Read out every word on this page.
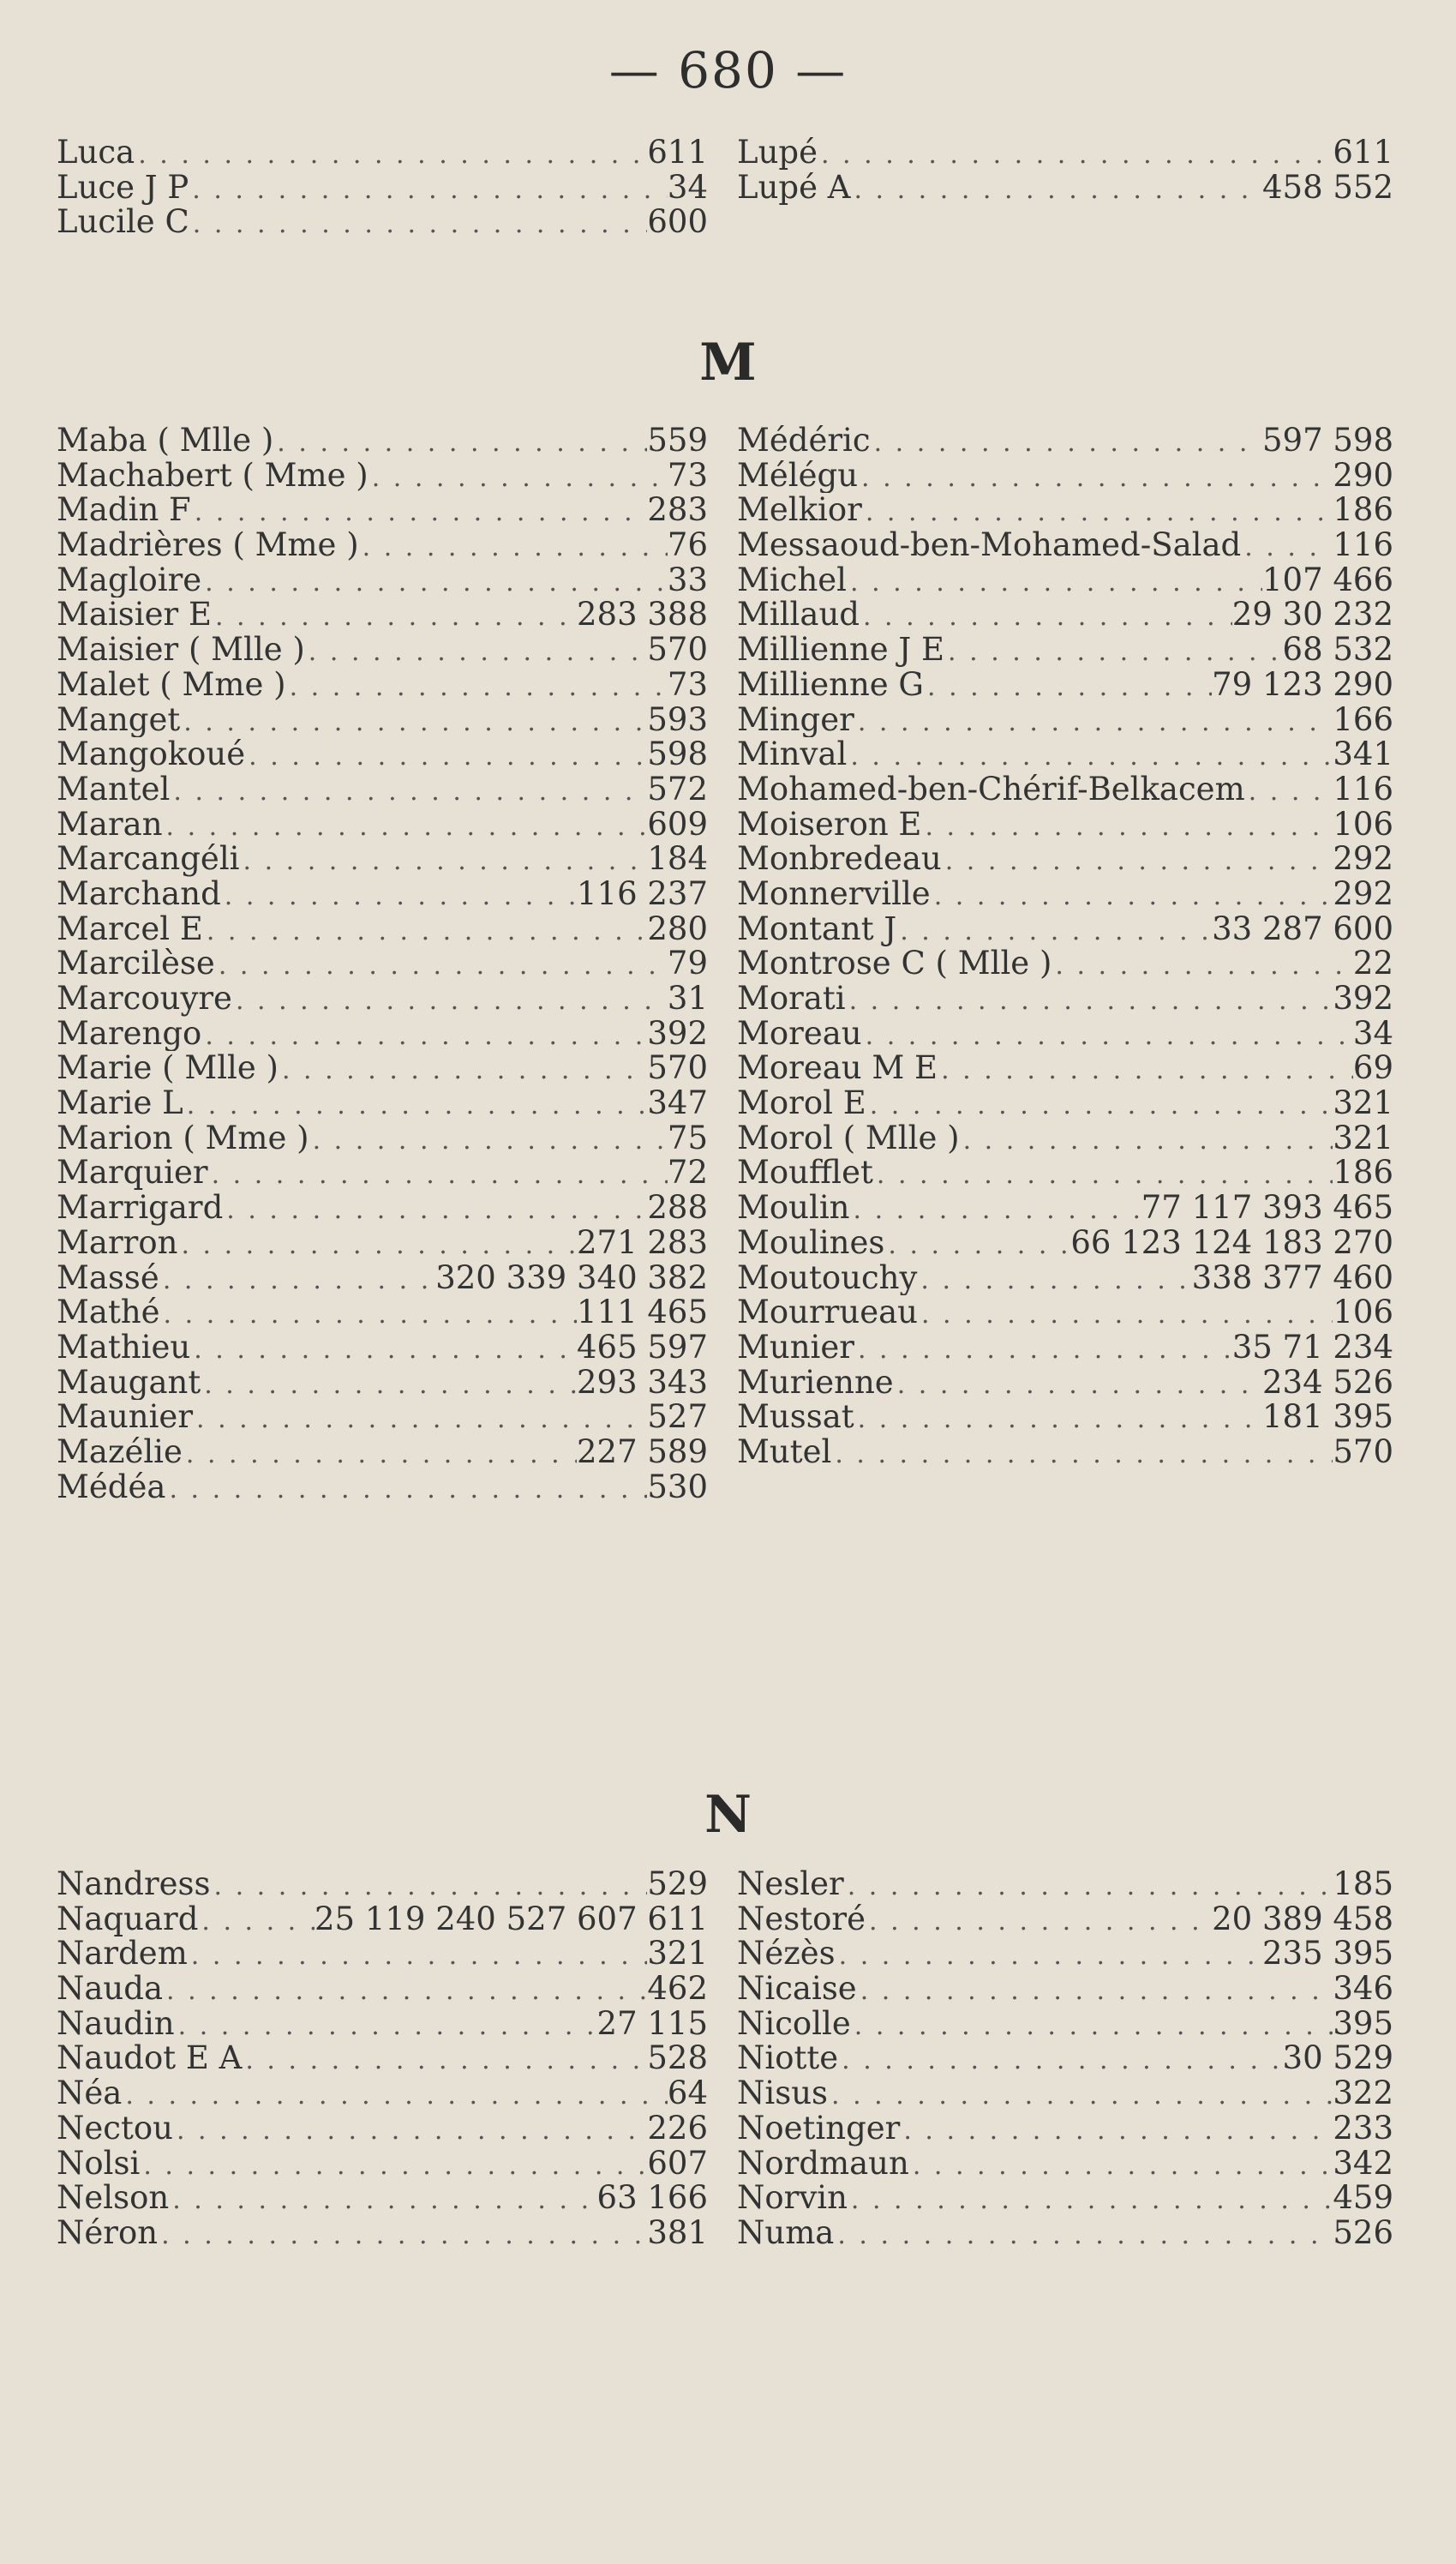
— 680 —
Luca . . .	611
Luce J P . . .	34
Lucile C . . .	600
Lupé . . .	611
Lupé A . . .	458 552
M
Maba ( Mlle ) . . .	559
Machabert ( Mme ) . . .	73
Madin F . . .	283
Madrières ( Mme ) . . .	76
Magloire . . .	33
Maisier E . . .	283 388
Maisier ( Mlle ) . . .	570
Malet ( Mme ) . . .	73
Manget . . .	593
Mangokoué . . .	598
Mantel . . .	572
Maran . . .	609
Marcangéli . . .	184
Marchand . . .	116 237
Marcel E . . .	280
Marcilèse . . .	79
Marcouyre . . .	31
Marengo . . .	392
Marie ( Mlle ) . . .	570
Marie L . . .	347
Marion ( Mme ) . . .	75
Marquier . . .	72
Marrigard . . .	288
Marron . . .	271 283
Massé . . .	320 339 340 382
Mathé . . .	111 465
Mathieu . . .	465 597
Maugant . . .	293 343
Maunier . . .	527
Mazélie . . .	227 589
Médéa . . .	530
Médéric . . .	597 598
Mélégu . . .	290
Melkior . . .	186
Messaoud-ben-Mohamed-Salad . . .	116
Michel . . .	107 466
Millaud . . .	29 30 232
Millienne J E . . .	68 532
Millienne G . . .	79 123 290
Minger . . .	166
Minval . . .	341
Mohamed-ben-Chérif-Belkacem . . .	116
Moiseron E . . .	106
Monbredeau . . .	292
Monnerville . . .	292
Montant J . . .	33 287 600
Montrose C ( Mlle ) . . .	22
Morati . . .	392
Moreau . . .	34
Moreau M E . . .	69
Morol E . . .	321
Morol ( Mlle ) . . .	321
Moufflet . . .	186
Moulin . . .	77 117 393 465
Moulines . . .	66 123 124 183 270
Moutouchy . . .	338 377 460
Mourrueau . . .	106
Munier . . .	35 71 234
Murienne . . .	234 526
Mussat . . .	181 395
Mutel . . .	570
N
Nandress . . .	529
Naquard . . .	25 119 240 527 607 611
Nardem . . .	321
Nauda . . .	462
Naudin . . .	27 115
Naudot E A . . .	528
Néa . . .	64
Nectou . . .	226
Nolsi . . .	607
Nelson . . .	63 166
Néron . . .	381
Nesler . . .	185
Nestoré . . .	20 389 458
Nézès . . .	235 395
Nicaise . . .	346
Nicolle . . .	395
Niotte . . .	30 529
Nisus . . .	322
Noetinger . . .	233
Nordmaun . . .	342
Norvin . . .	459
Numa . . .	526
